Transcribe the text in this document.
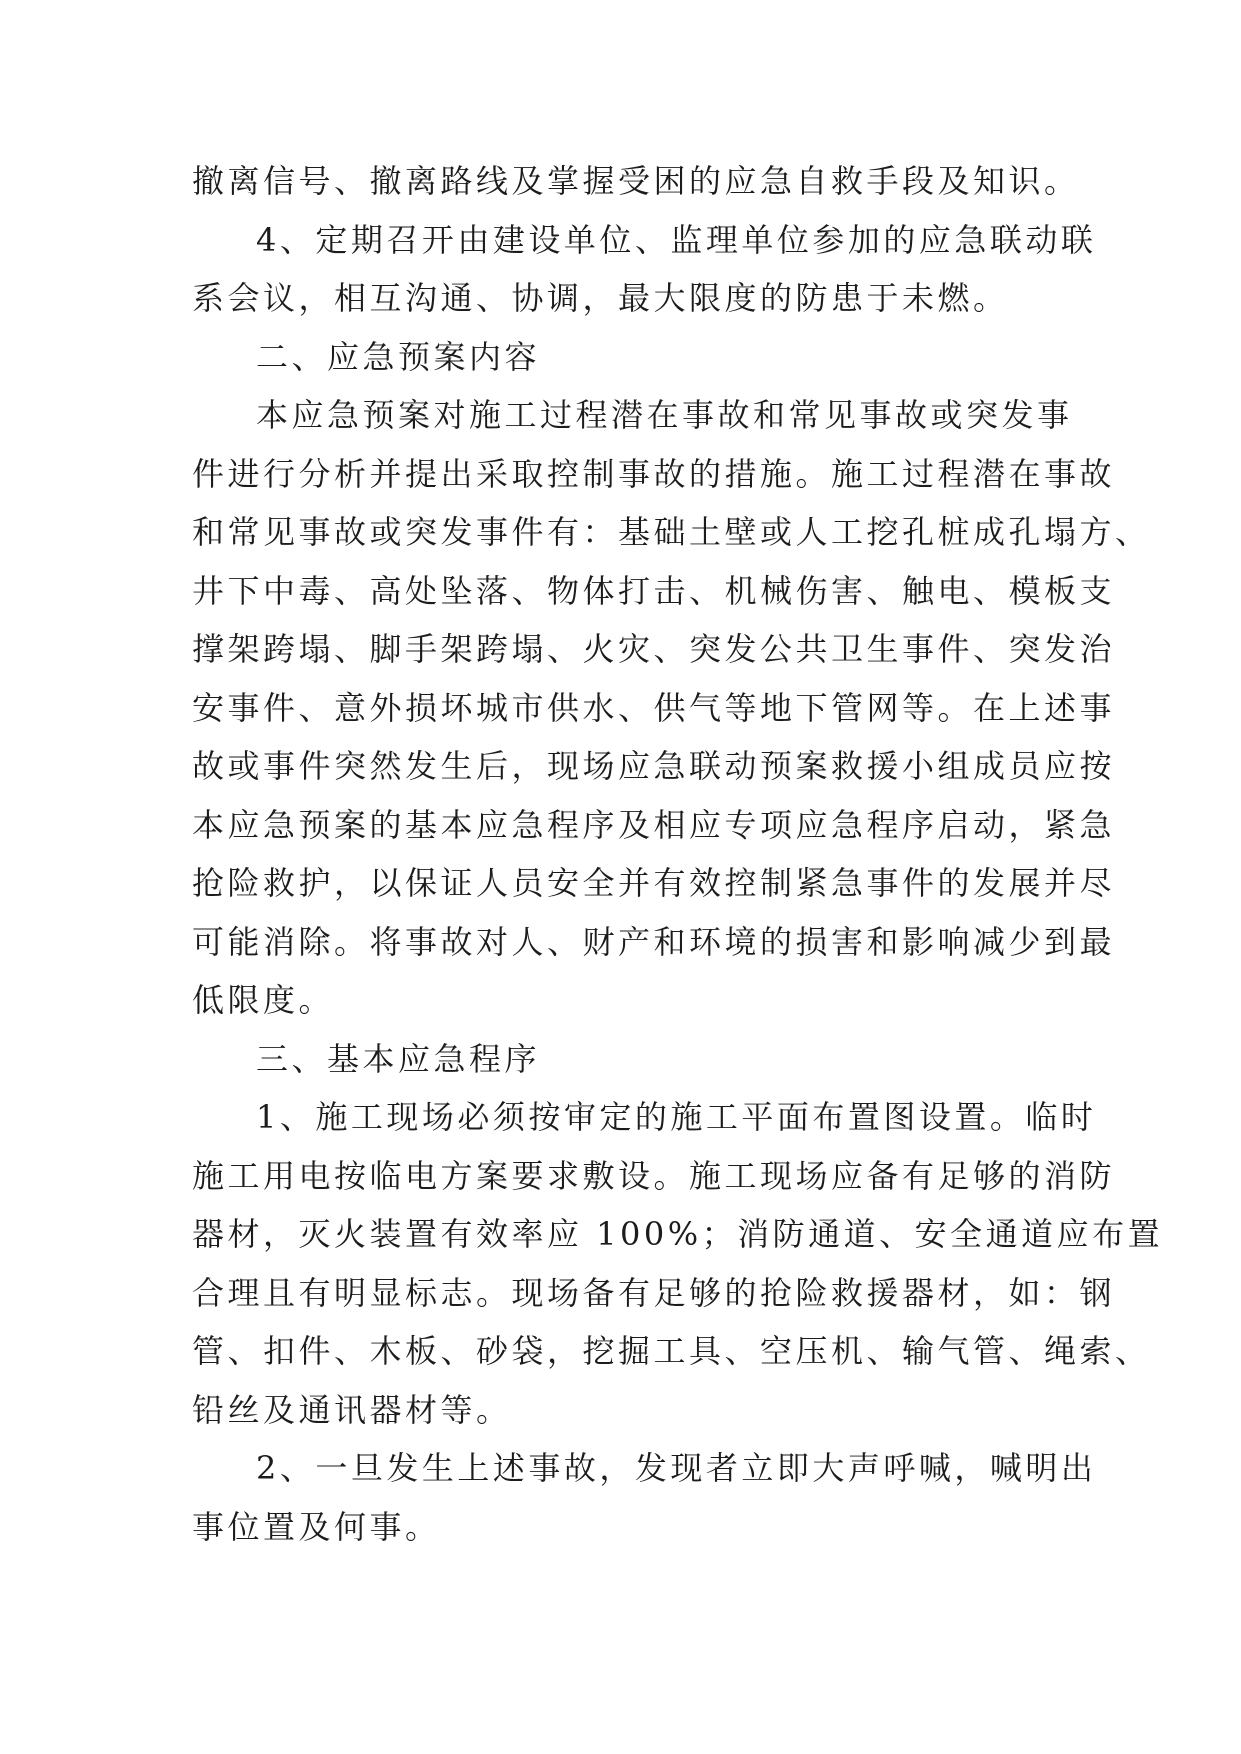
撤离信号、撤离路线及掌握受困的应急自救手段及知识。

4、定期召开由建设单位、监理单位参加的应急联动联
系会议，相互沟通、协调，最大限度的防患于未燃。

二、应急预案内容

本应急预案对施工过程潜在事故和常见事故或突发事
件进行分析并提出采取控制事故的措施。施工过程潜在事故
和常见事故或突发事件有：基础土壁或人工挖孔桩成孔塌方、
井下中毒、高处坠落、物体打击、机械伤害、触电、模板支
撑架跨塌、脚手架跨塌、火灾、突发公共卫生事件、突发治
安事件、意外损坏城市供水、供气等地下管网等。在上述事
故或事件突然发生后，现场应急联动预案救援小组成员应按
本应急预案的基本应急程序及相应专项应急程序启动，紧急
抢险救护，以保证人员安全并有效控制紧急事件的发展并尽
可能消除。将事故对人、财产和环境的损害和影响减少到最
低限度。

三、基本应急程序

1、施工现场必须按审定的施工平面布置图设置。临时
施工用电按临电方案要求敷设。施工现场应备有足够的消防
器材，灭火装置有效率应 100%；消防通道、安全通道应布置
合理且有明显标志。现场备有足够的抢险救援器材，如：钢
管、扣件、木板、砂袋，挖掘工具、空压机、输气管、绳索、
铅丝及通讯器材等。

2、一旦发生上述事故，发现者立即大声呼喊，喊明出
事位置及何事。
